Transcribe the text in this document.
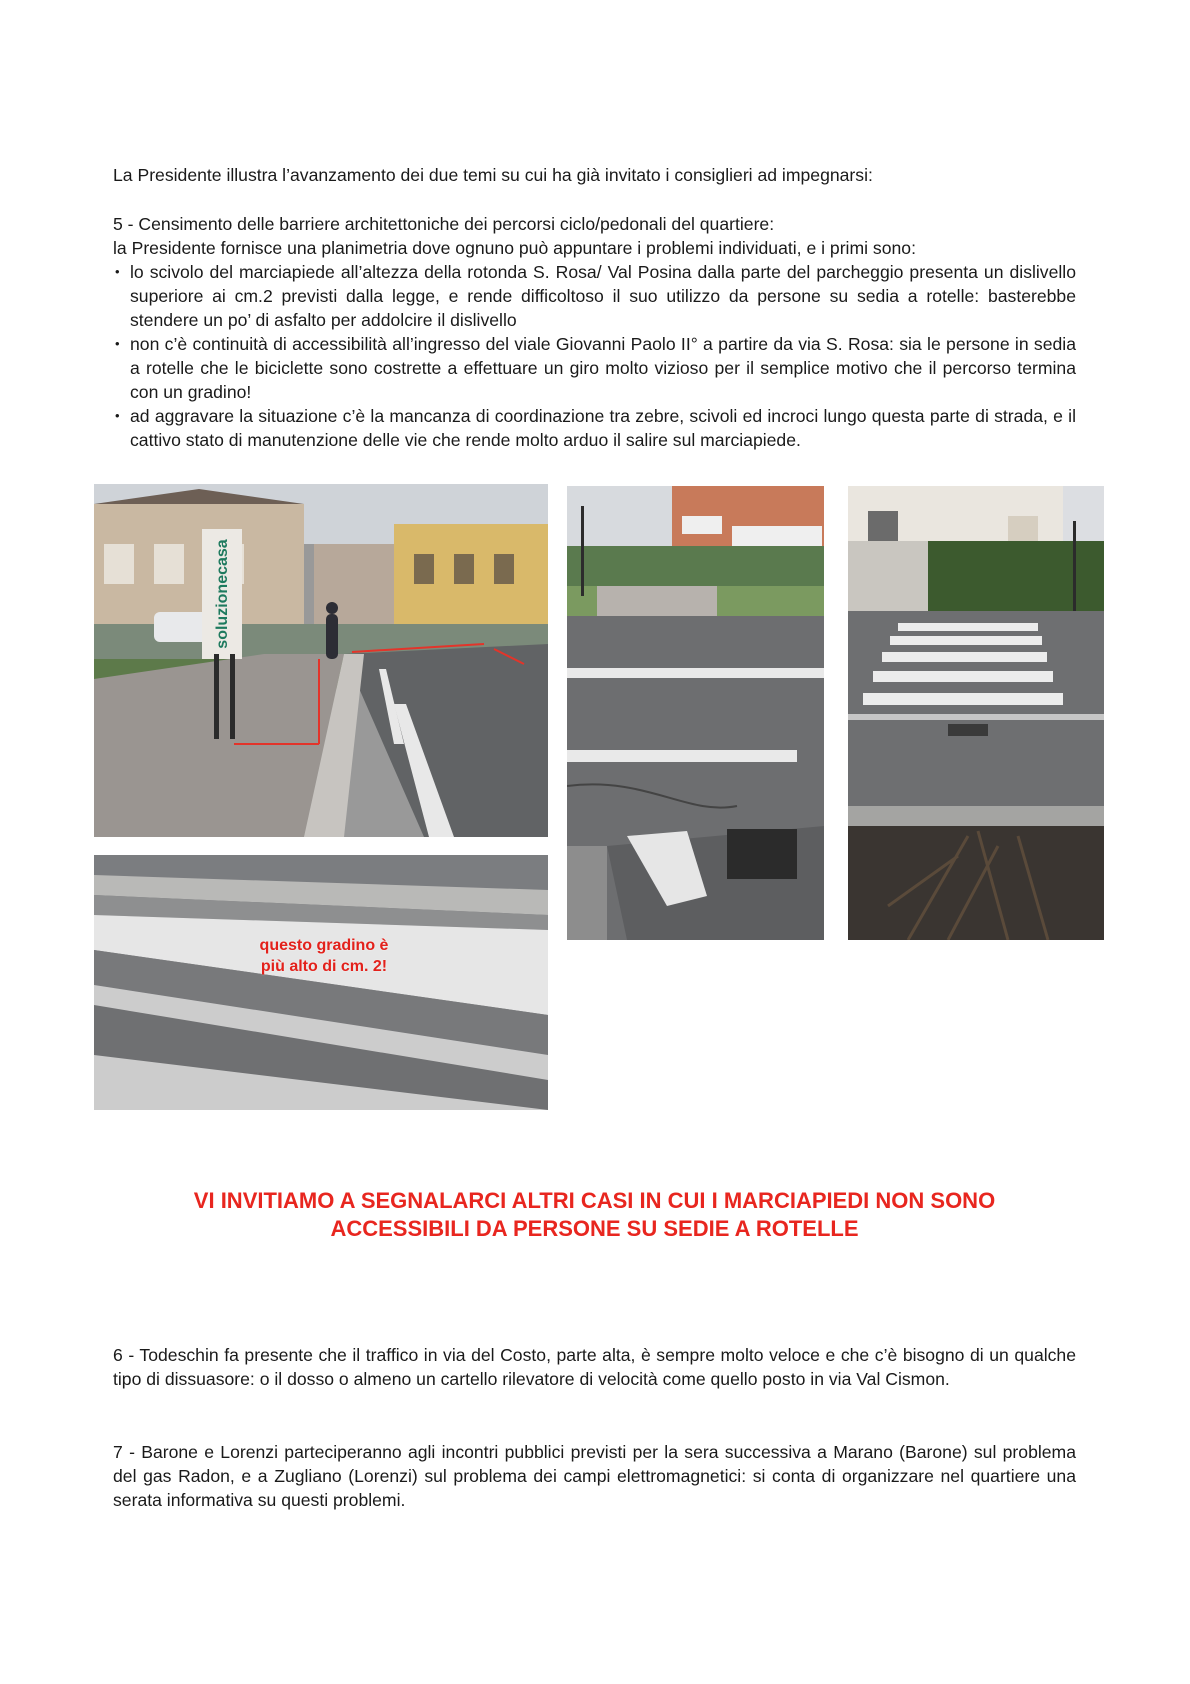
La Presidente illustra l’avanzamento dei due temi su cui ha già invitato i consiglieri ad impegnarsi:
5 - Censimento delle barriere architettoniche dei percorsi ciclo/pedonali del quartiere:
la Presidente fornisce una planimetria dove ognuno può appuntare i problemi individuati, e i primi sono:
• lo scivolo del marciapiede all’altezza della rotonda S. Rosa/ Val Posina dalla parte del parcheggio presenta un dislivello superiore ai cm.2 previsti dalla legge, e rende difficoltoso il suo utilizzo da persone su sedia a rotelle: basterebbe stendere un po’ di asfalto per addolcire il dislivello
• non c’è continuità di accessibilità all’ingresso del viale Giovanni Paolo II° a partire da via S. Rosa: sia le persone in sedia a rotelle che le biciclette sono costrette a effettuare un giro molto vizioso per il semplice motivo che il percorso termina con un gradino!
• ad aggravare la situazione c’è la mancanza di coordinazione tra zebre, scivoli ed incroci lungo questa parte di strada, e il cattivo stato di manutenzione delle vie che rende molto arduo il salire sul marciapiede.
soluzionecasa
questo gradino è
più alto di cm. 2!
VI INVITIAMO A SEGNALARCI ALTRI CASI IN CUI I MARCIAPIEDI NON SONO
ACCESSIBILI DA PERSONE SU SEDIE A ROTELLE
6 - Todeschin fa presente che il traffico in via del Costo, parte alta, è sempre molto veloce e che c’è bisogno di un qualche tipo di dissuasore: o il dosso o almeno un cartello rilevatore di velocità come quello posto in via Val Cismon.
7 - Barone e Lorenzi parteciperanno agli incontri pubblici previsti per la sera successiva a Marano (Barone) sul problema del gas Radon, e a Zugliano (Lorenzi) sul problema dei campi elettromagnetici: si conta di organizzare nel quartiere una serata informativa su questi problemi.
